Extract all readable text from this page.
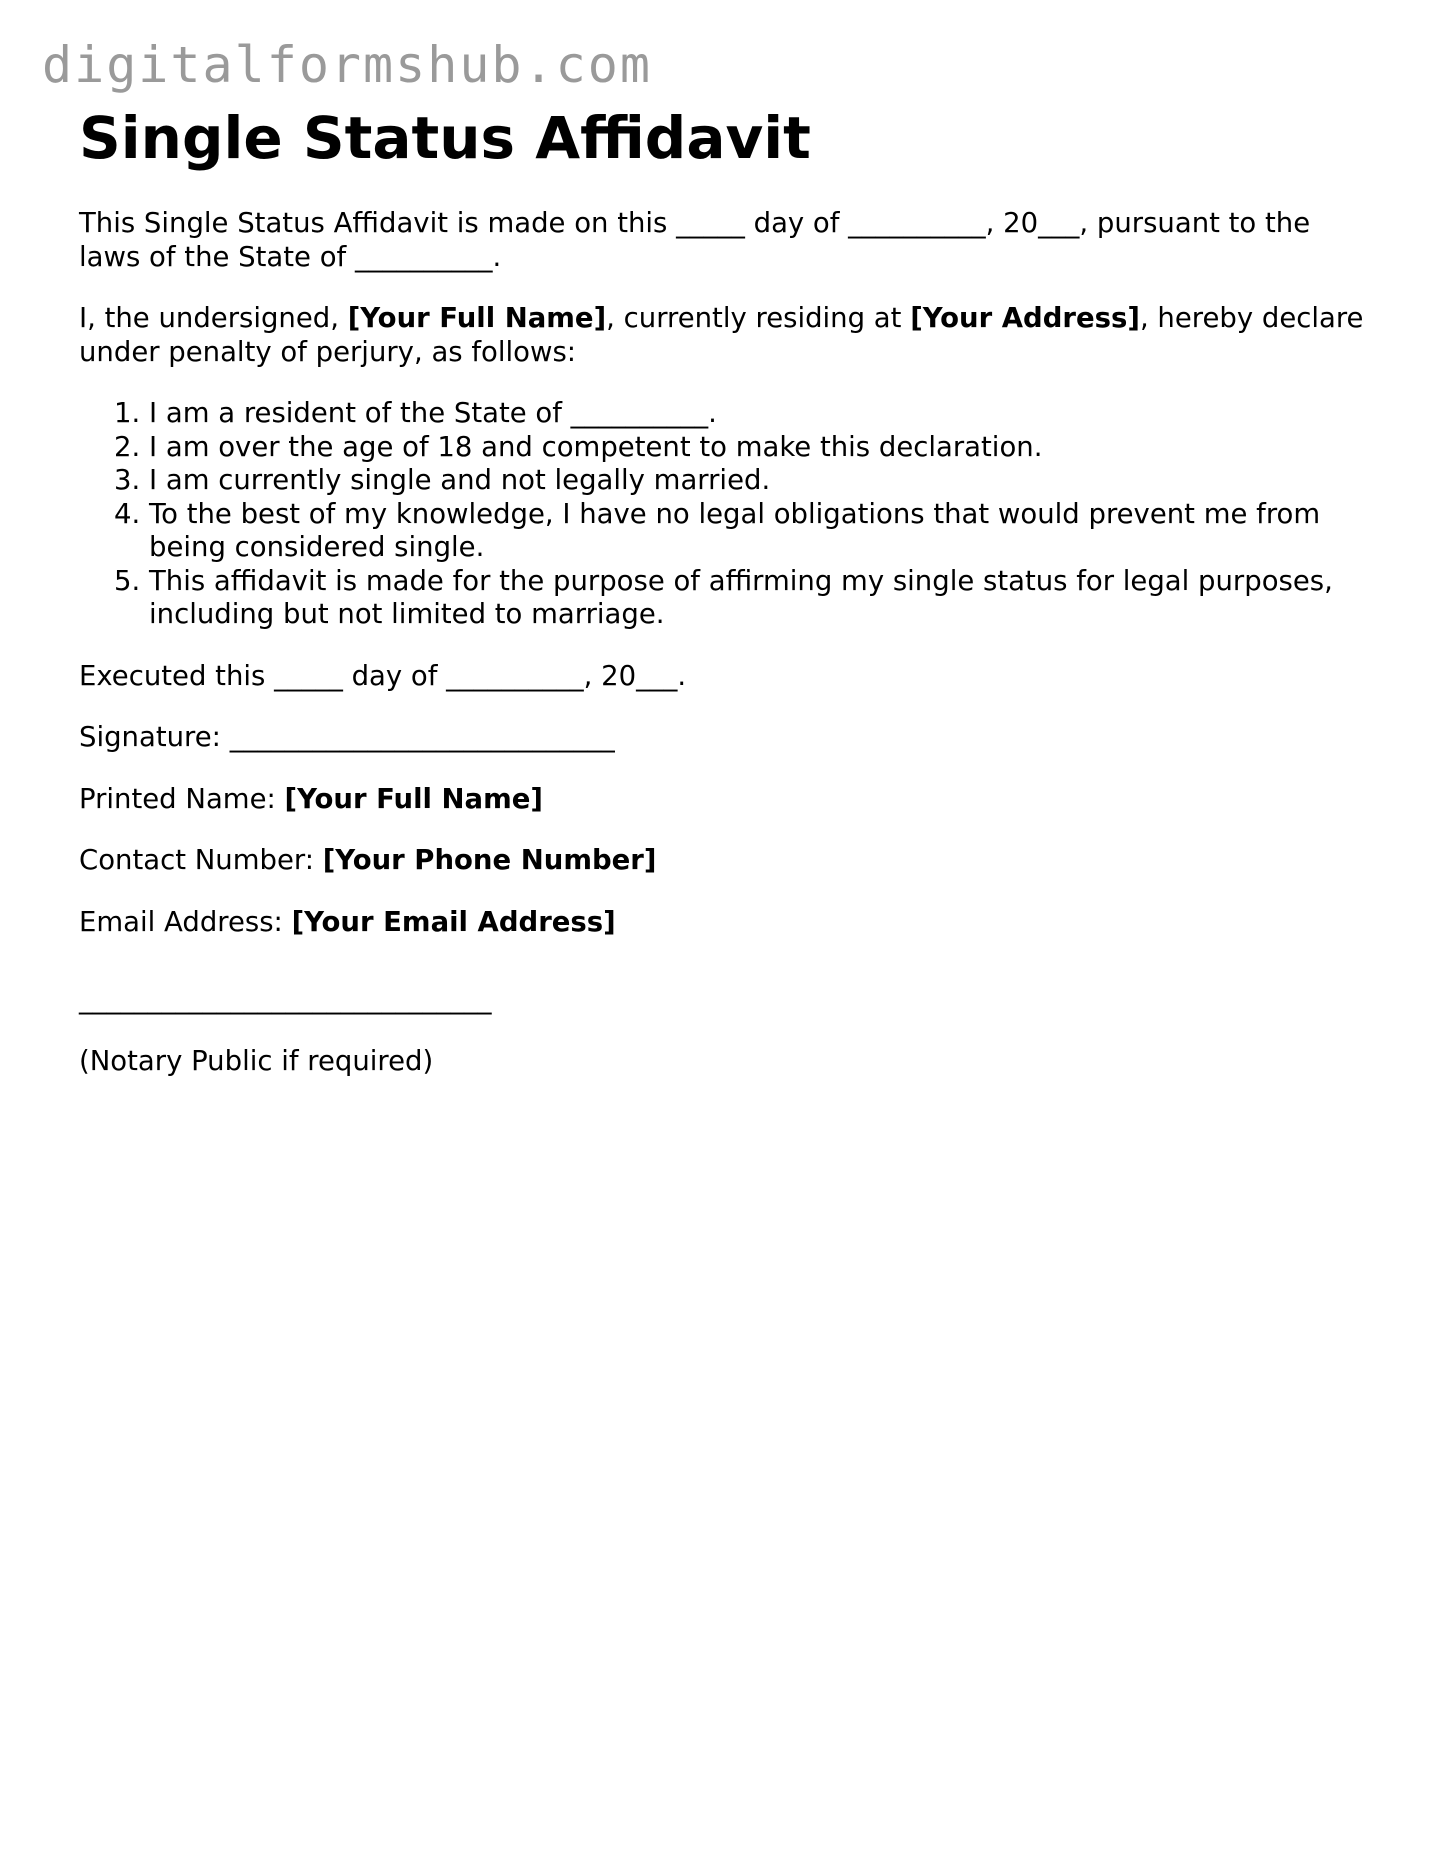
digitalformshub.com
Single Status Affidavit

This Single Status Affidavit is made on this _____ day of __________, 20___, pursuant to the laws of the State of __________.

I, the undersigned, [Your Full Name], currently residing at [Your Address], hereby declare under penalty of perjury, as follows:

1. I am a resident of the State of __________.
2. I am over the age of 18 and competent to make this declaration.
3. I am currently single and not legally married.
4. To the best of my knowledge, I have no legal obligations that would prevent me from being considered single.
5. This affidavit is made for the purpose of affirming my single status for legal purposes, including but not limited to marriage.

Executed this _____ day of __________, 20___.

Signature: ____________________________

Printed Name: [Your Full Name]

Contact Number: [Your Phone Number]

Email Address: [Your Email Address]

______________________________

(Notary Public if required)
